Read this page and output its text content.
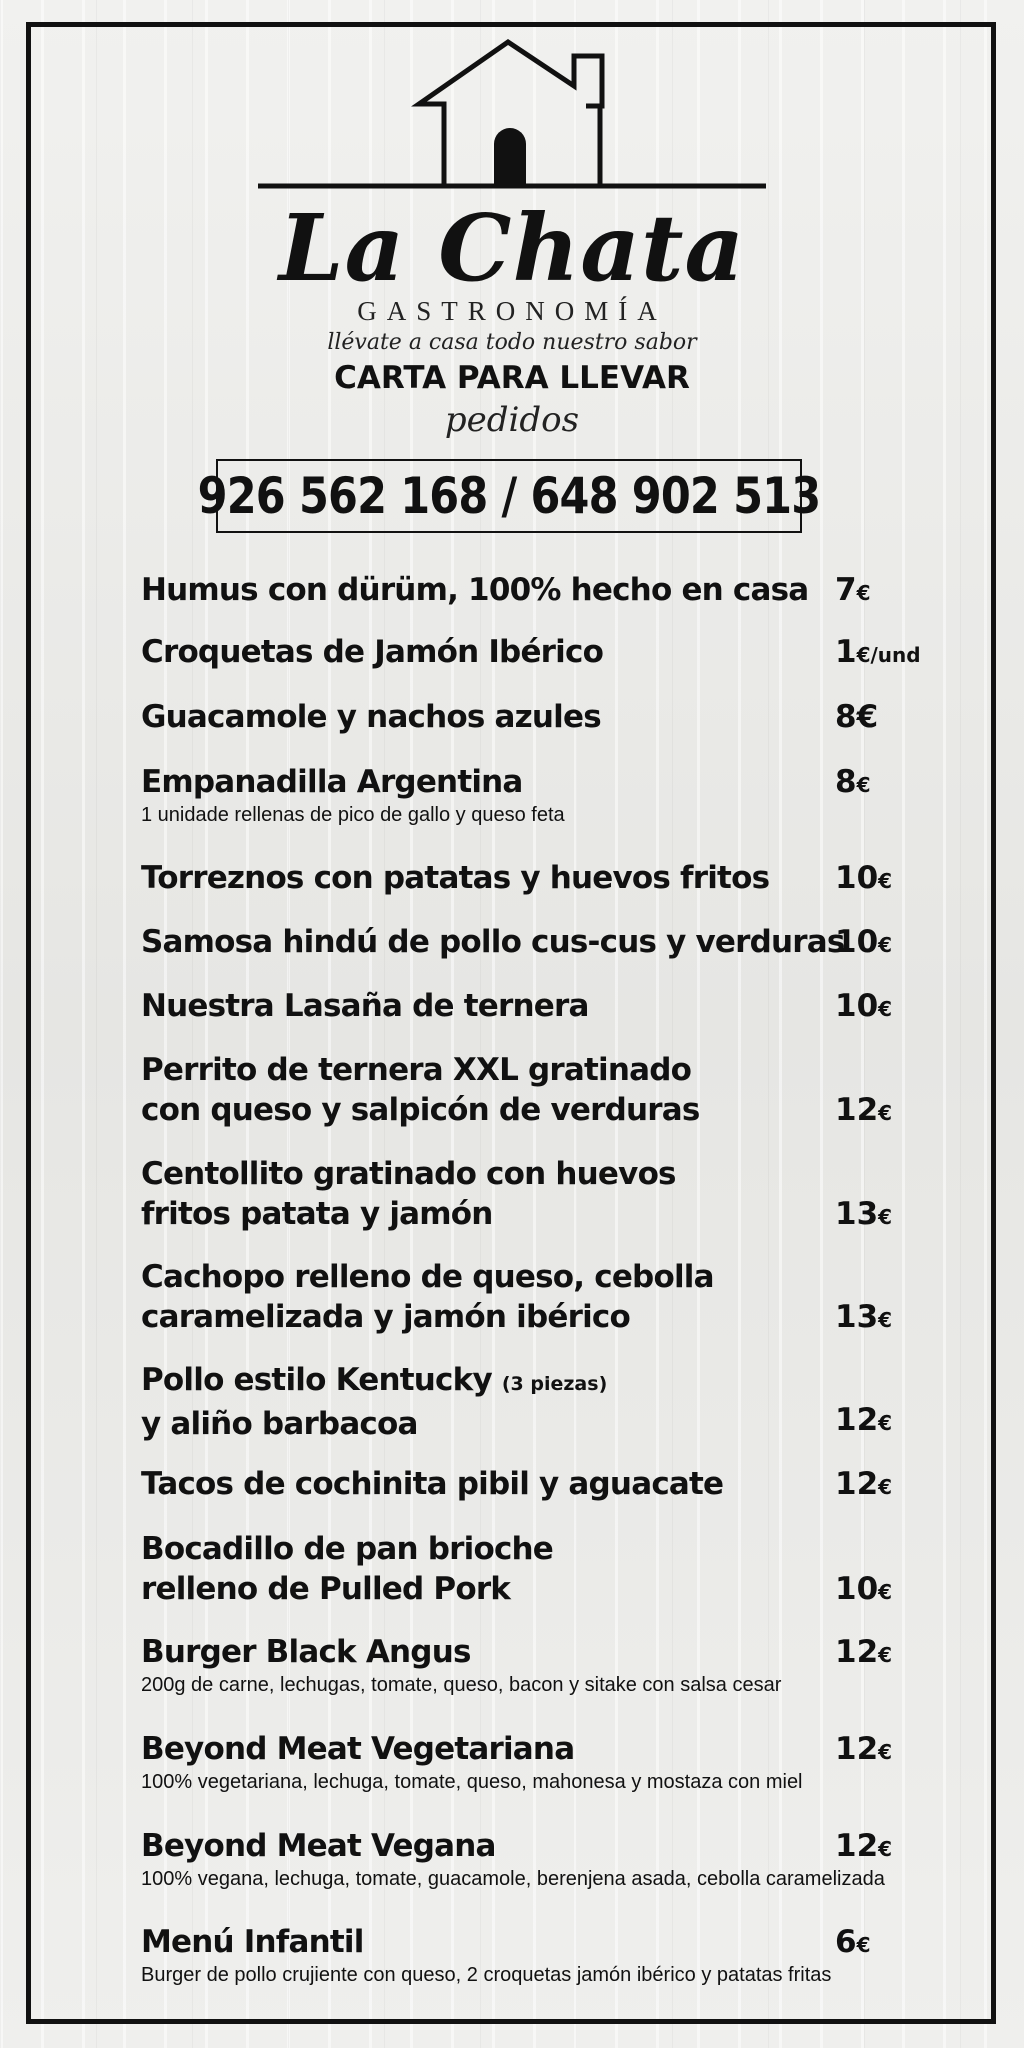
La Chata
GASTRONOMÍA
llévate a casa todo nuestro sabor
CARTA PARA LLEVAR
pedidos
926 562 168 / 648 902 513
Humus con dürüm, 100% hecho en casa 7€
Croquetas de Jamón Ibérico	1€/und
Guacamole y nachos azules	8€
Empanadilla Argentina
1 unidade rellenas de pico de gallo y queso feta
8€
Torreznos con patatas y huevos fritos	10€
Samosa hindú de pollo cus-cus y verduras
10€
Nuestra Lasaña de ternera	10€
Perrito de ternera XXL gratinado
con queso y salpicón de verduras	12€
Centollito gratinado con huevos
fritos patata y jamón	13€
Cachopo relleno de queso, cebolla
caramelizada y jamón ibérico	13€
Pollo estilo Kentucky (3 piezas)
y aliño barbacoa	12€
Tacos de cochinita pibil y aguacate	12€
Bocadillo de pan brioche
relleno de Pulled Pork	10€
Burger Black Angus
200g de carne, lechugas, tomate, queso, bacon y sitake con salsa cesar
12€
Beyond Meat Vegetariana
100% vegetariana, lechuga, tomate, queso, mahonesa y mostaza con miel
12€
Beyond Meat Vegana
100% vegana, lechuga, tomate, guacamole, berenjena asada, cebolla caramelizada
12€
Menú Infantil
Burger de pollo crujiente con queso, 2 croquetas jamón ibérico y patatas fritas
6€
